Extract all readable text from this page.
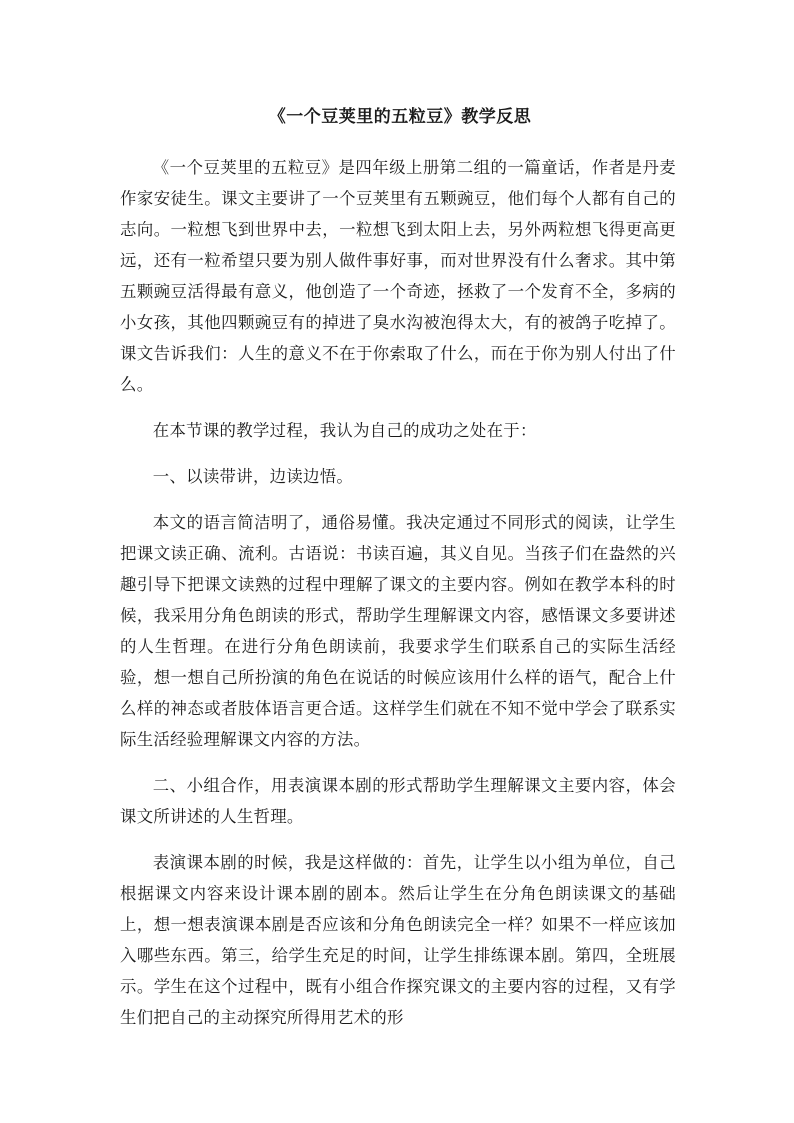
《一个豆荚里的五粒豆》教学反思

《一个豆荚里的五粒豆》是四年级上册第二组的一篇童话，作者是丹麦作家安徒生。课文主要讲了一个豆荚里有五颗豌豆，他们每个人都有自己的志向。一粒想飞到世界中去，一粒想飞到太阳上去，另外两粒想飞得更高更远，还有一粒希望只要为别人做件事好事，而对世界没有什么奢求。其中第五颗豌豆活得最有意义，他创造了一个奇迹，拯救了一个发育不全，多病的小女孩，其他四颗豌豆有的掉进了臭水沟被泡得太大，有的被鸽子吃掉了。课文告诉我们：人生的意义不在于你索取了什么，而在于你为别人付出了什么。

在本节课的教学过程，我认为自己的成功之处在于：

一、以读带讲，边读边悟。

本文的语言简洁明了，通俗易懂。我决定通过不同形式的阅读，让学生把课文读正确、流利。古语说：书读百遍，其义自见。当孩子们在盎然的兴趣引导下把课文读熟的过程中理解了课文的主要内容。例如在教学本科的时候，我采用分角色朗读的形式，帮助学生理解课文内容，感悟课文多要讲述的人生哲理。在进行分角色朗读前，我要求学生们联系自己的实际生活经验，想一想自己所扮演的角色在说话的时候应该用什么样的语气，配合上什么样的神态或者肢体语言更合适。这样学生们就在不知不觉中学会了联系实际生活经验理解课文内容的方法。

二、小组合作，用表演课本剧的形式帮助学生理解课文主要内容，体会课文所讲述的人生哲理。

表演课本剧的时候，我是这样做的：首先，让学生以小组为单位，自己根据课文内容来设计课本剧的剧本。然后让学生在分角色朗读课文的基础上，想一想表演课本剧是否应该和分角色朗读完全一样？如果不一样应该加入哪些东西。第三，给学生充足的时间，让学生排练课本剧。第四，全班展示。学生在这个过程中，既有小组合作探究课文的主要内容的过程，又有学生们把自己的主动探究所得用艺术的形
